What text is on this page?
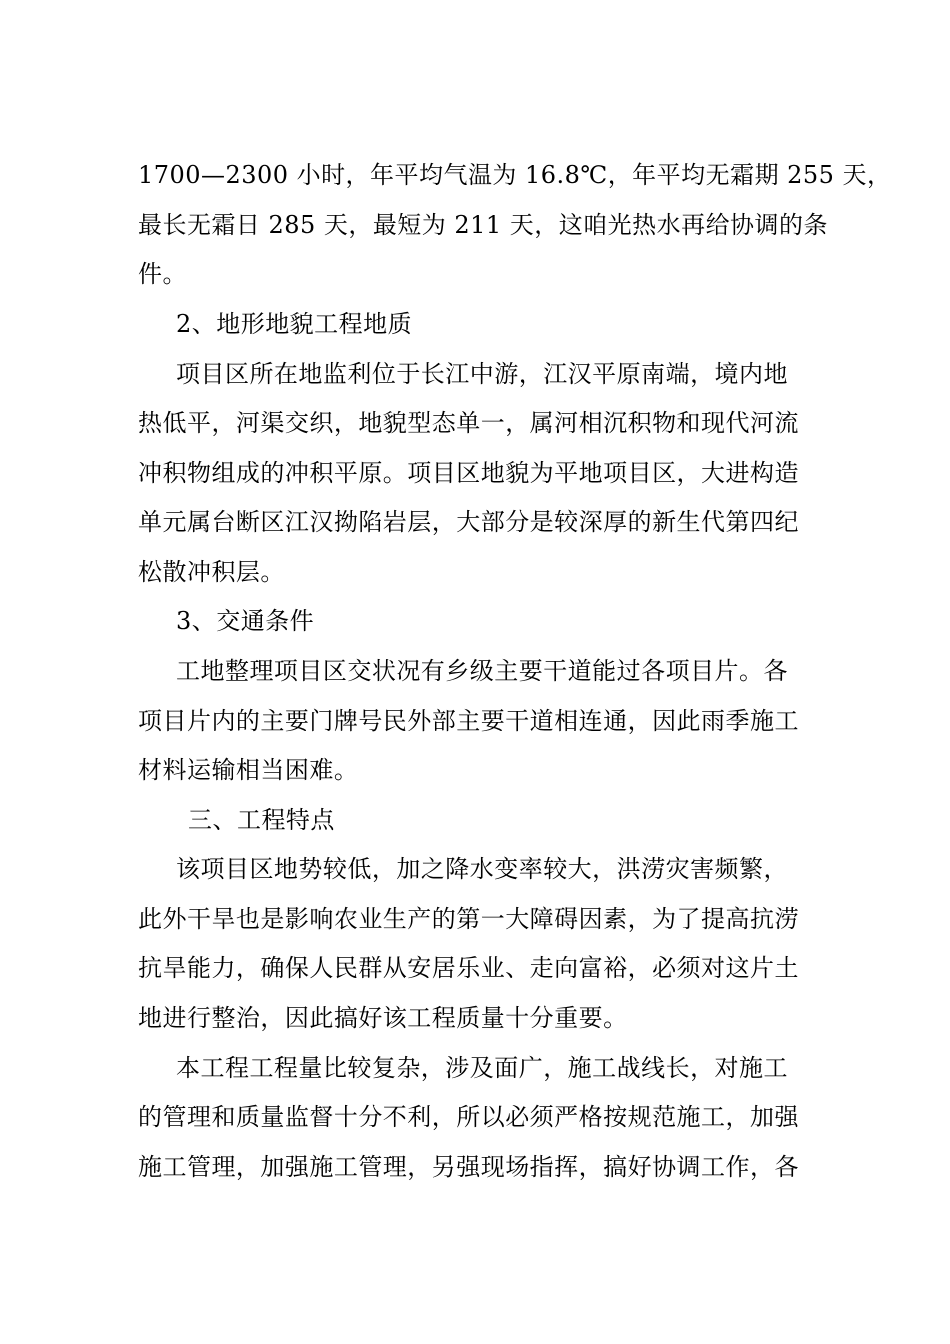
1700—2300 小时，年平均气温为 16.8℃，年平均无霜期 255 天，
最长无霜日 285 天，最短为 211 天，这咱光热水再给协调的条
件。
2、地形地貌工程地质
项目区所在地监利位于长江中游，江汉平原南端，境内地
热低平，河渠交织，地貌型态单一，属河相沉积物和现代河流
冲积物组成的冲积平原。项目区地貌为平地项目区，大进构造
单元属台断区江汉拗陷岩层，大部分是较深厚的新生代第四纪
松散冲积层。
3、交通条件
工地整理项目区交状况有乡级主要干道能过各项目片。各
项目片内的主要门牌号民外部主要干道相连通，因此雨季施工
材料运输相当困难。
三、工程特点
该项目区地势较低，加之降水变率较大，洪涝灾害频繁，
此外干旱也是影响农业生产的第一大障碍因素，为了提高抗涝
抗旱能力，确保人民群从安居乐业、走向富裕，必须对这片土
地进行整治，因此搞好该工程质量十分重要。
本工程工程量比较复杂，涉及面广，施工战线长，对施工
的管理和质量监督十分不利，所以必须严格按规范施工，加强
施工管理，加强施工管理，另强现场指挥，搞好协调工作，各
